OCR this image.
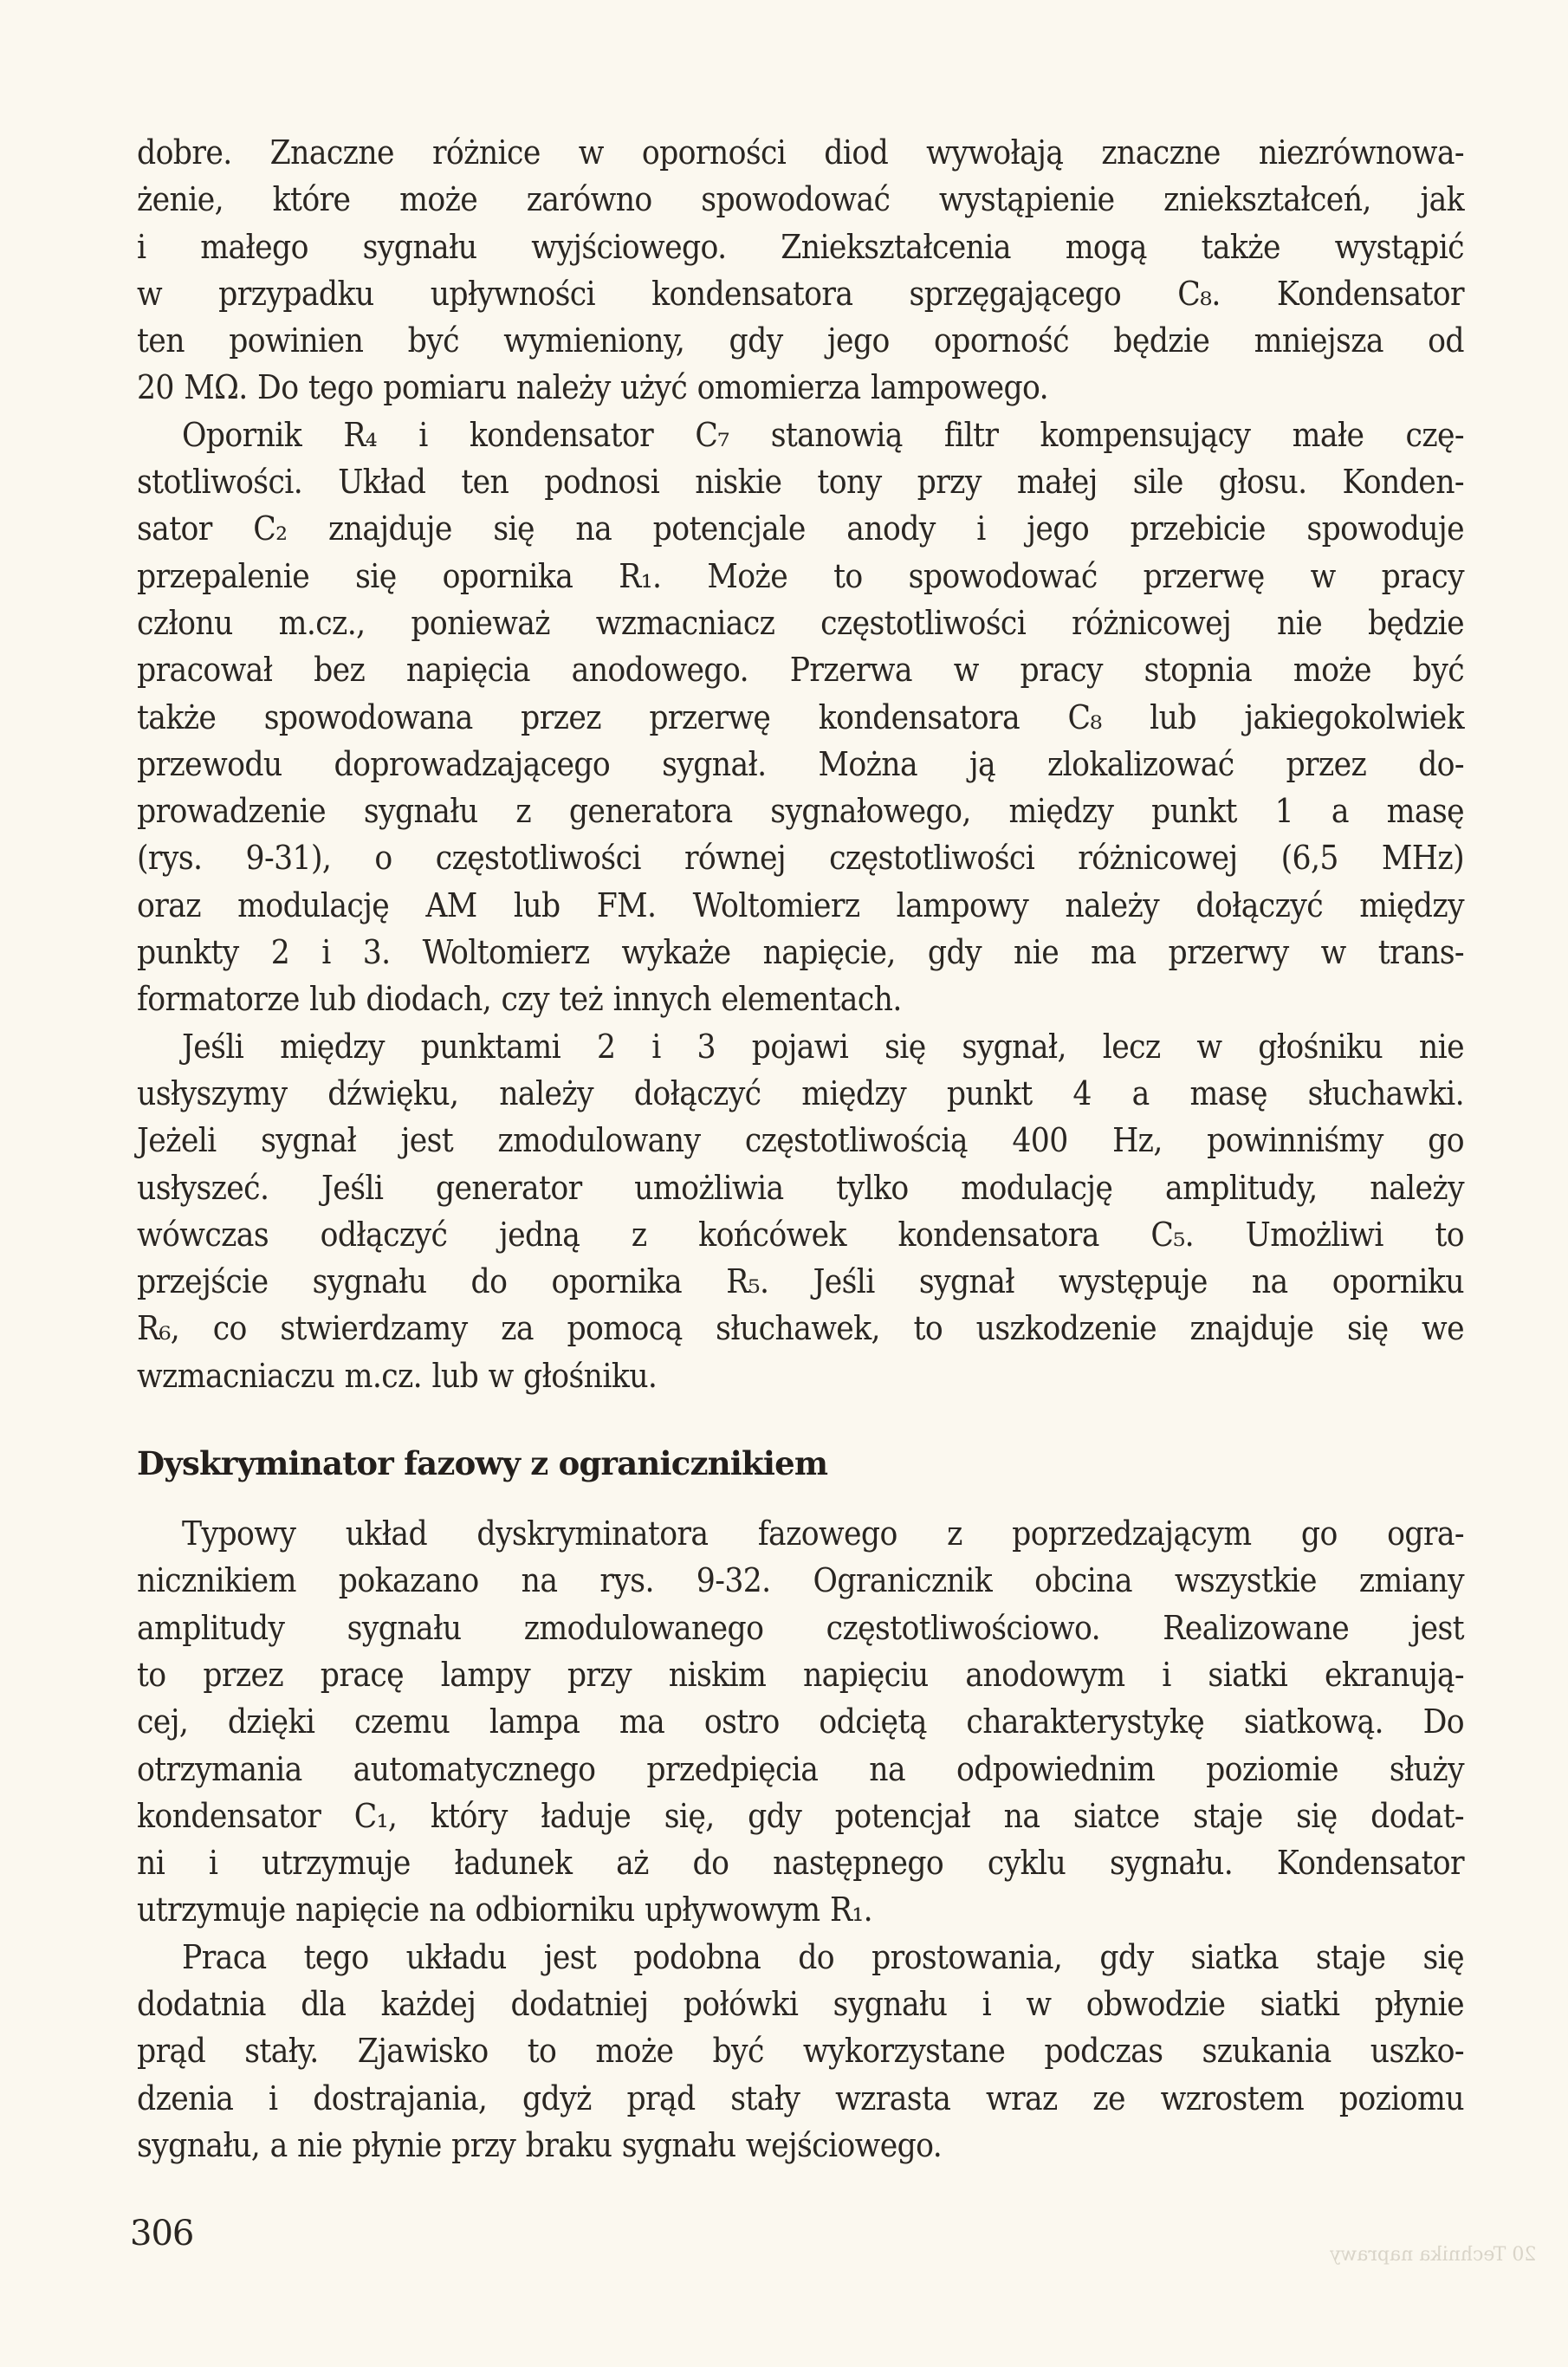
dobre. Znaczne różnice w oporności diod wywołają znaczne niezrównowa-
żenie, które może zarówno spowodować wystąpienie zniekształceń, jak
i małego sygnału wyjściowego. Zniekształcenia mogą także wystąpić
w przypadku upływności kondensatora sprzęgającego C₈. Kondensator
ten powinien być wymieniony, gdy jego oporność będzie mniejsza od
20 MΩ. Do tego pomiaru należy użyć omomierza lampowego.

Opornik R₄ i kondensator C₇ stanowią filtr kompensujący małe czę-
stotliwości. Układ ten podnosi niskie tony przy małej sile głosu. Konden-
sator C₂ znajduje się na potencjale anody i jego przebicie spowoduje
przepalenie się opornika R₁. Może to spowodować przerwę w pracy
członu m.cz., ponieważ wzmacniacz częstotliwości różnicowej nie będzie
pracował bez napięcia anodowego. Przerwa w pracy stopnia może być
także spowodowana przez przerwę kondensatora C₈ lub jakiegokolwiek
przewodu doprowadzającego sygnał. Można ją zlokalizować przez do-
prowadzenie sygnału z generatora sygnałowego, między punkt 1 a masę
(rys. 9-31), o częstotliwości równej częstotliwości różnicowej (6,5 MHz)
oraz modulację AM lub FM. Woltomierz lampowy należy dołączyć między
punkty 2 i 3. Woltomierz wykaże napięcie, gdy nie ma przerwy w trans-
formatorze lub diodach, czy też innych elementach.

Jeśli między punktami 2 i 3 pojawi się sygnał, lecz w głośniku nie
usłyszymy dźwięku, należy dołączyć między punkt 4 a masę słuchawki.
Jeżeli sygnał jest zmodulowany częstotliwością 400 Hz, powinniśmy go
usłyszeć. Jeśli generator umożliwia tylko modulację amplitudy, należy
wówczas odłączyć jedną z końcówek kondensatora C₅. Umożliwi to
przejście sygnału do opornika R₅. Jeśli sygnał występuje na oporniku
R₆, co stwierdzamy za pomocą słuchawek, to uszkodzenie znajduje się we
wzmacniaczu m.cz. lub w głośniku.

Dyskryminator fazowy z ogranicznikiem

Typowy układ dyskryminatora fazowego z poprzedzającym go ogra-
nicznikiem pokazano na rys. 9-32. Ogranicznik obcina wszystkie zmiany
amplitudy sygnału zmodulowanego częstotliwościowo. Realizowane jest
to przez pracę lampy przy niskim napięciu anodowym i siatki ekranują-
cej, dzięki czemu lampa ma ostro odciętą charakterystykę siatkową. Do
otrzymania automatycznego przedpięcia na odpowiednim poziomie służy
kondensator C₁, który ładuje się, gdy potencjał na siatce staje się dodat-
ni i utrzymuje ładunek aż do następnego cyklu sygnału. Kondensator
utrzymuje napięcie na odbiorniku upływowym R₁.

Praca tego układu jest podobna do prostowania, gdy siatka staje się
dodatnia dla każdej dodatniej połówki sygnału i w obwodzie siatki płynie
prąd stały. Zjawisko to może być wykorzystane podczas szukania uszko-
dzenia i dostrajania, gdyż prąd stały wzrasta wraz ze wzrostem poziomu
sygnału, a nie płynie przy braku sygnału wejściowego.

306
20 Technika naprawy
